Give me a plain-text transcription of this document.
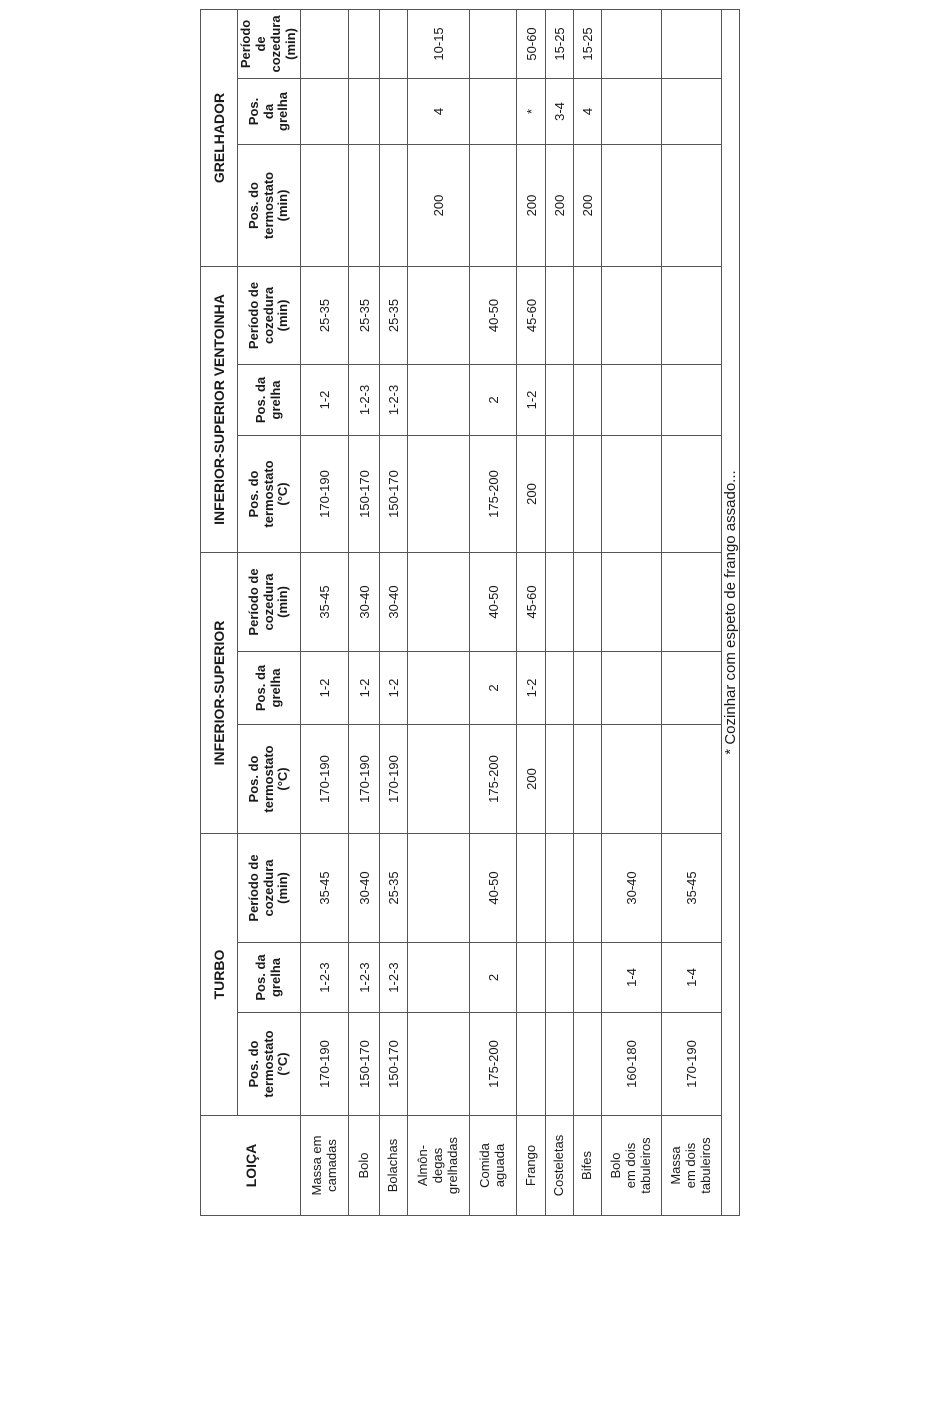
LOIÇA	TURBO			INFERIOR-SUPERIOR			INFERIOR-SUPERIOR VENTOINHA			GRELHADOR		
	Pos. do
termostato
(°C)	Pos. da
grelha	Período de
cozedura
(min)	Pos. do
termostato
(°C)	Pos. da
grelha	Período de
cozedura
(min)	Pos. do
termostato
(°C)	Pos. da
grelha	Período de
cozedura
(min)	Pos. do
termostato
(min)	Pos.
da
grelha	Período de
cozedura
(min)
Massa em
camadas	170-190	1-2-3	35-45	170-190	1-2	35-45	170-190	1-2	25-35			
Bolo	150-170	1-2-3	30-40	170-190	1-2	30-40	150-170	1-2-3	25-35			
Bolachas	150-170	1-2-3	25-35	170-190	1-2	30-40	150-170	1-2-3	25-35			
Almôn-
degas
grelhadas										200	4	10-15
Comida
aguada	175-200	2	40-50	175-200	2	40-50	175-200	2	40-50			
Frango				200	1-2	45-60	200	1-2	45-60	200	*	50-60
Costeletas										200	3-4	15-25
Bifes										200	4	15-25
Bolo
em dois
tabuleiros	160-180	1-4	30-40									
Massa
em dois
tabuleiros	170-190	1-4	35-45									
* Cozinhar com espeto de frango assado...												
